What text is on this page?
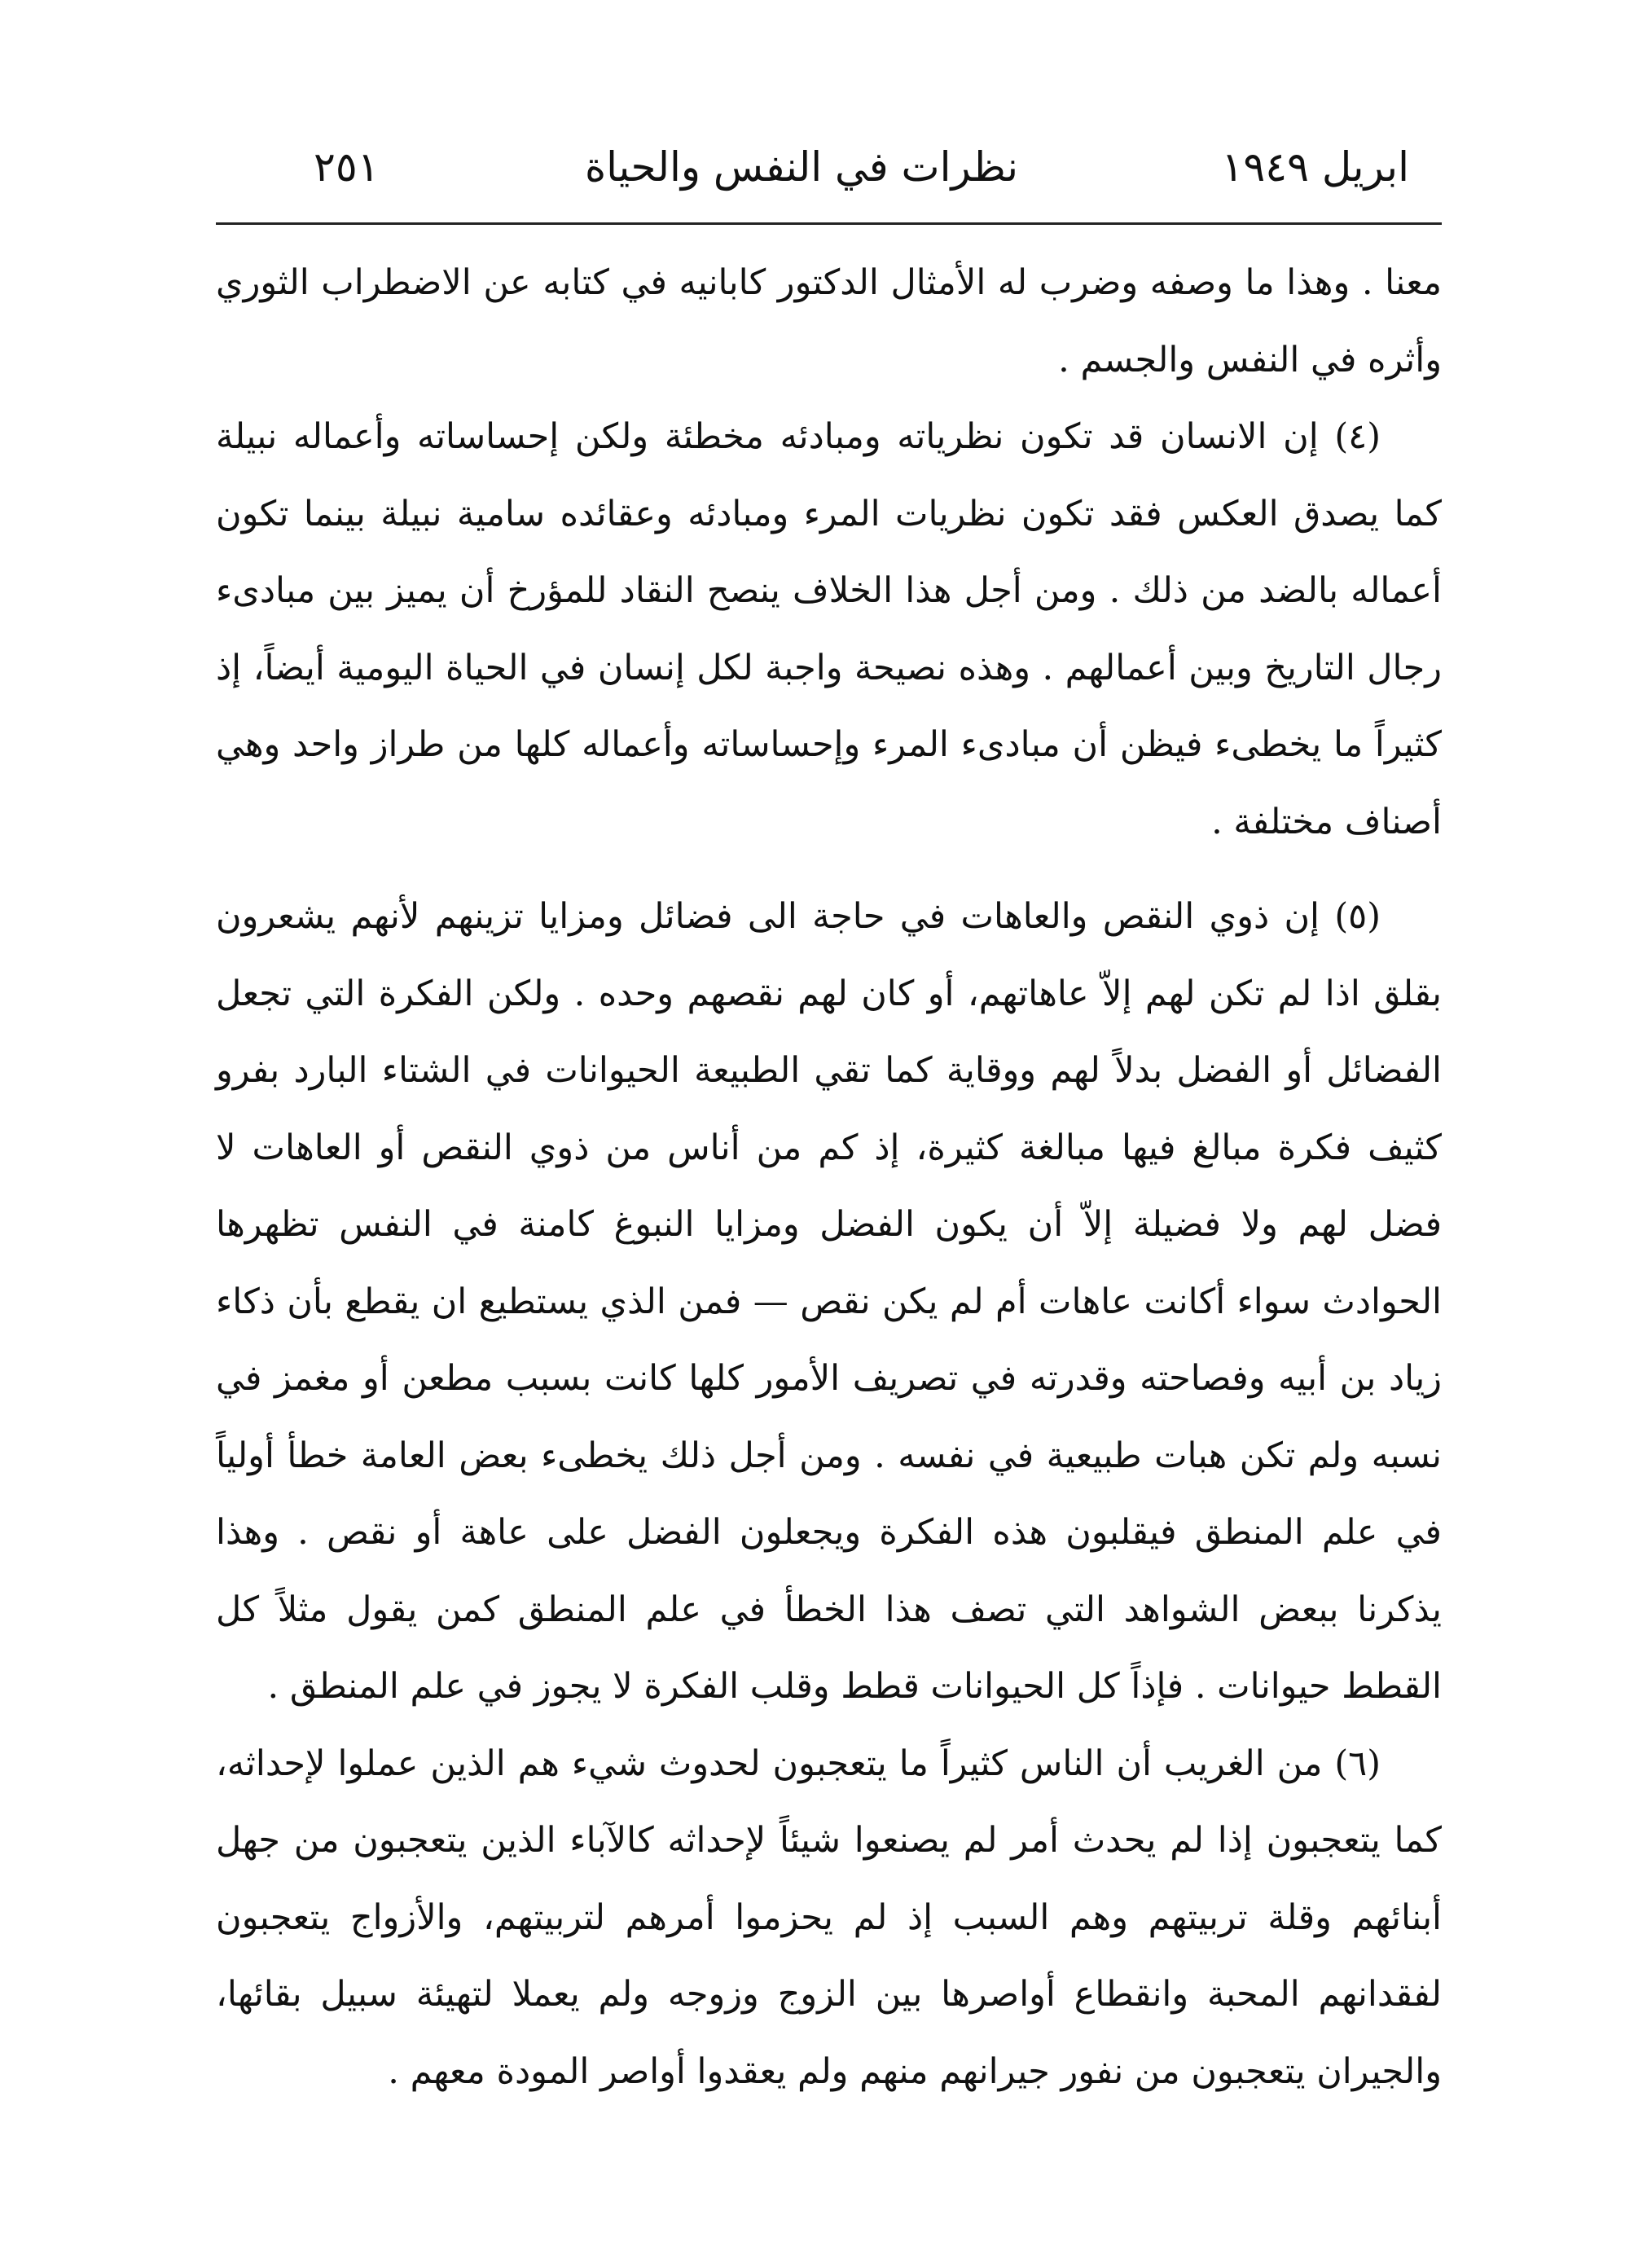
ابريل ١٩٤٩
نظرات في النفس والحياة
٢٥١

معنا . وهذا ما وصفه وضرب له الأمثال الدكتور كابانيه في كتابه عن الاضطراب الثوري وأثره في النفس والجسم .

(٤) إن الانسان قد تكون نظرياته ومبادئه مخطئة ولكن إحساساته وأعماله نبيلة كما يصدق العكس فقد تكون نظريات المرء ومبادئه وعقائده سامية نبيلة بينما تكون أعماله بالضد من ذلك . ومن أجل هذا الخلاف ينصح النقاد للمؤرخ أن يميز بين مبادىء رجال التاريخ وبين أعمالهم . وهذه نصيحة واجبة لكل إنسان في الحياة اليومية أيضاً، إذ كثيراً ما يخطىء فيظن أن مبادىء المرء وإحساساته وأعماله كلها من طراز واحد وهي أصناف مختلفة .

(٥) إن ذوي النقص والعاهات في حاجة الى فضائل ومزايا تزينهم لأنهم يشعرون بقلق اذا لم تكن لهم إلاّ عاهاتهم، أو كان لهم نقصهم وحده . ولكن الفكرة التي تجعل الفضائل أو الفضل بدلاً لهم ووقاية كما تقي الطبيعة الحيوانات في الشتاء البارد بفرو كثيف فكرة مبالغ فيها مبالغة كثيرة، إذ كم من أناس من ذوي النقص أو العاهات لا فضل لهم ولا فضيلة إلاّ أن يكون الفضل ومزايا النبوغ كامنة في النفس تظهرها الحوادث سواء أكانت عاهات أم لم يكن نقص — فمن الذي يستطيع ان يقطع بأن ذكاء زياد بن أبيه وفصاحته وقدرته في تصريف الأمور كلها كانت بسبب مطعن أو مغمز في نسبه ولم تكن هبات طبيعية في نفسه . ومن أجل ذلك يخطىء بعض العامة خطأ أولياً في علم المنطق فيقلبون هذه الفكرة ويجعلون الفضل على عاهة أو نقص . وهذا يذكرنا ببعض الشواهد التي تصف هذا الخطأ في علم المنطق كمن يقول مثلاً كل القطط حيوانات . فإذاً كل الحيوانات قطط وقلب الفكرة لا يجوز في علم المنطق .

(٦) من الغريب أن الناس كثيراً ما يتعجبون لحدوث شيء هم الذين عملوا لإحداثه، كما يتعجبون إذا لم يحدث أمر لم يصنعوا شيئاً لإحداثه كالآباء الذين يتعجبون من جهل أبنائهم وقلة تربيتهم وهم السبب إذ لم يحزموا أمرهم لتربيتهم، والأزواج يتعجبون لفقدانهم المحبة وانقطاع أواصرها بين الزوج وزوجه ولم يعملا لتهيئة سبيل بقائها، والجيران يتعجبون من نفور جيرانهم منهم ولم يعقدوا أواصر المودة معهم .
